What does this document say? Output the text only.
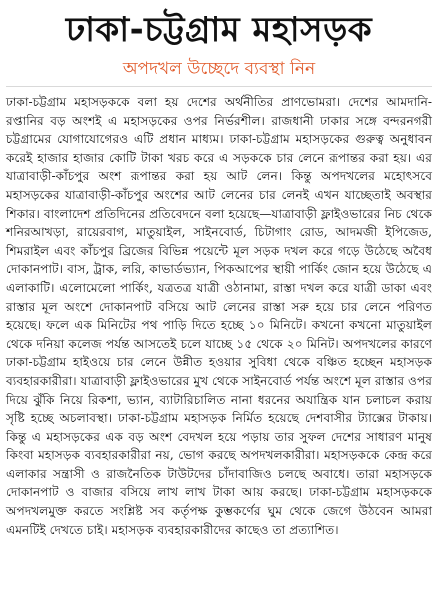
ঢাকা-চট্টগ্রাম মহাসড়ক
অপদখল উচ্ছেদে ব্যবস্থা নিন

ঢাকা-চট্টগ্রাম মহাসড়ককে বলা হয় দেশের অর্থনীতির প্রাণভোমরা। দেশের আমদানি-রপ্তানির বড় অংশই এ মহাসড়কের ওপর নির্ভরশীল। রাজধানী ঢাকার সঙ্গে বন্দরনগরী চট্টগ্রামের যোগাযোগেরও এটি প্রধান মাধ্যম। ঢাকা-চট্টগ্রাম মহাসড়কের গুরুত্ব অনুধাবন করেই হাজার হাজার কোটি টাকা খরচ করে এ সড়ককে চার লেনে রূপান্তর করা হয়। এর যাত্রাবাড়ী-কাঁচপুর অংশ রূপান্তর করা হয় আট লেন। কিন্তু অপদখলের মহোৎসবে মহাসড়কের যাত্রাবাড়ী-কাঁচপুর অংশের আট লেনের চার লেনই এখন যাচ্ছেতাই অবস্থার শিকার। বাংলাদেশ প্রতিদিনের প্রতিবেদনে বলা হয়েছে—যাত্রাবাড়ী ফ্লাইওভারের নিচ থেকে শনিরআখড়া, রায়েরবাগ, মাতুয়াইল, সাইনবোর্ড, চিটাগাং রোড, আদমজী ইপিজেড, শিমরাইল এবং কাঁচপুর ব্রিজের বিভিন্ন পয়েন্টে মূল সড়ক দখল করে গড়ে উঠেছে অবৈধ দোকানপাট। বাস, ট্রাক, লরি, কাভার্ডভ্যান, পিকআপের স্থায়ী পার্কিং জোন হয়ে উঠেছে এ এলাকাটি। এলোমেলো পার্কিং, যত্রতত্র যাত্রী ওঠানামা, রাস্তা দখল করে যাত্রী ডাকা এবং রাস্তার মূল অংশে দোকানপাট বসিয়ে আট লেনের রাস্তা সরু হয়ে চার লেনে পরিণত হয়েছে। ফলে এক মিনিটের পথ পাড়ি দিতে হচ্ছে ১০ মিনিটে। কখনো কখনো মাতুয়াইল থেকে দনিয়া কলেজ পর্যন্ত আসতেই চলে যাচ্ছে ১৫ থেকে ২০ মিনিট। অপদখলের কারণে ঢাকা-চট্টগ্রাম হাইওয়ে চার লেনে উন্নীত হওয়ার সুবিধা থেকে বঞ্চিত হচ্ছেন মহাসড়ক ব্যবহারকারীরা। যাত্রাবাড়ী ফ্লাইওভারের মুখ থেকে সাইনবোর্ড পর্যন্ত অংশে মূল রাস্তার ওপর দিয়ে ঝুঁকি নিয়ে রিকশা, ভ্যান, ব্যাটারিচালিত নানা ধরনের অযান্ত্রিক যান চলাচল করায় সৃষ্টি হচ্ছে অচলাবস্থা। ঢাকা-চট্টগ্রাম মহাসড়ক নির্মিত হয়েছে দেশবাসীর ট্যাক্সের টাকায়। কিন্তু এ মহাসড়কের এক বড় অংশ বেদখল হয়ে পড়ায় তার সুফল দেশের সাধারণ মানুষ কিংবা মহাসড়ক ব্যবহারকারীরা নয়, ভোগ করছে অপদখলকারীরা। মহাসড়ককে কেন্দ্র করে এলাকার সন্ত্রাসী ও রাজনৈতিক টাউটদের চাঁদাবাজিও চলছে অবাধে। তারা মহাসড়কে দোকানপাট ও বাজার বসিয়ে লাখ লাখ টাকা আয় করছে। ঢাকা-চট্টগ্রাম মহাসড়ককে অপদখলমুক্ত করতে সংশ্লিষ্ট সব কর্তৃপক্ষ কুম্ভকর্ণের ঘুম থেকে জেগে উঠবেন আমরা এমনটিই দেখতে চাই। মহাসড়ক ব্যবহারকারীদের কাছেও তা প্রত্যাশিত।
